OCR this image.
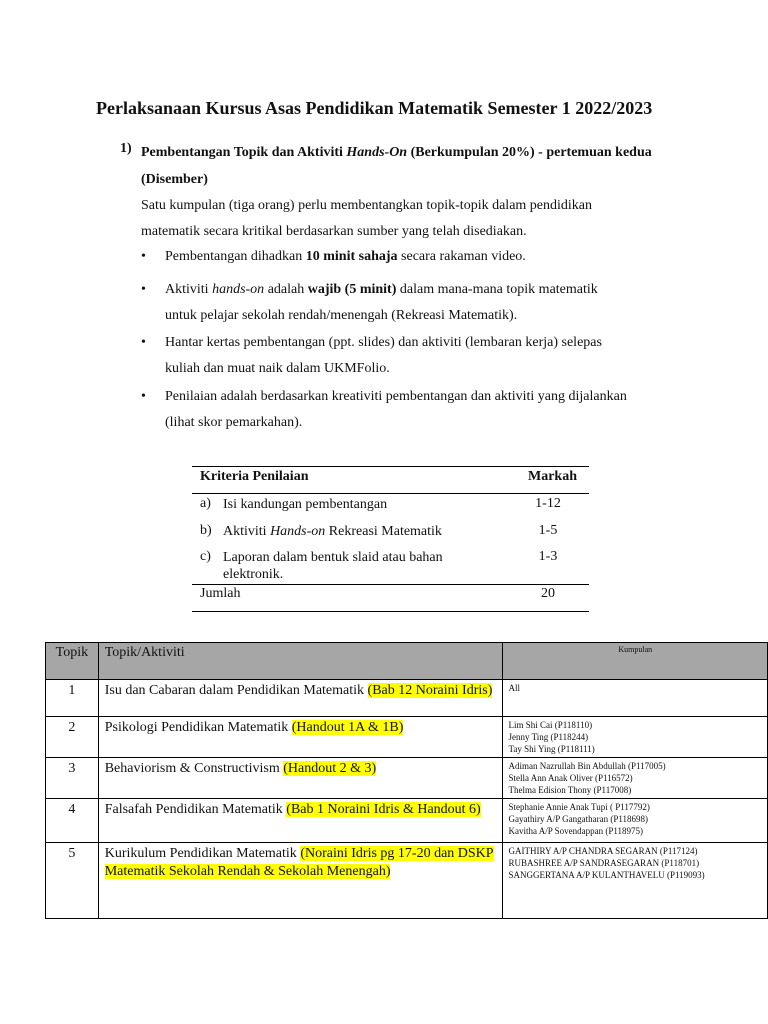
Perlaksanaan Kursus Asas Pendidikan Matematik Semester 1 2022/2023
1) Pembentangan Topik dan Aktiviti Hands-On (Berkumpulan 20%) - pertemuan kedua (Disember)
Satu kumpulan (tiga orang) perlu membentangkan topik-topik dalam pendidikan matematik secara kritikal berdasarkan sumber yang telah disediakan.
• Pembentangan dihadkan 10 minit sahaja secara rakaman video.
• Aktiviti hands-on adalah wajib (5 minit) dalam mana-mana topik matematik untuk pelajar sekolah rendah/menengah (Rekreasi Matematik).
• Hantar kertas pembentangan (ppt. slides) dan aktiviti (lembaran kerja) selepas kuliah dan muat naik dalam UKMFolio.
• Penilaian adalah berdasarkan kreativiti pembentangan dan aktiviti yang dijalankan (lihat skor pemarkahan).
Kriteria Penilaian	Markah
a) Isi kandungan pembentangan	1-12
b) Aktiviti Hands-on Rekreasi Matematik	1-5
c) Laporan dalam bentuk slaid atau bahan elektronik.
1-3
Jumlah	20
Topik	Topik/Aktiviti	Kumpulan

1	Isu dan Cabaran dalam Pendidikan Matematik (Bab 12 Noraini Idris)	All

2	Psikologi Pendidikan Matematik (Handout 1A & 1B)	Lim Shi Cai (P118110)
Jenny Ting (P118244)
Tay Shi Ying (P118111)

3	Behaviorism & Constructivism (Handout 2 & 3)	Adiman Nazrullah Bin Abdullah (P117005)
Stella Ann Anak Oliver (P116572)
Thelma Edision Thony (P117008)

4	Falsafah Pendidikan Matematik (Bab 1 Noraini Idris & Handout 6)	Stephanie Annie Anak Tupi ( P117792)
Gayathiry A/P Gangatharan (P118698)
Kavitha A/P Sovendappan (P118975)

5	Kurikulum Pendidikan Matematik (Noraini Idris pg 17-20 dan DSKP Matematik Sekolah Rendah & Sekolah Menengah)	GAITHIRY A/P CHANDRA SEGARAN (P117124)
RUBASHREE A/P SANDRASEGARAN (P118701)
SANGGERTANA A/P KULANTHAVELU (P119093)
